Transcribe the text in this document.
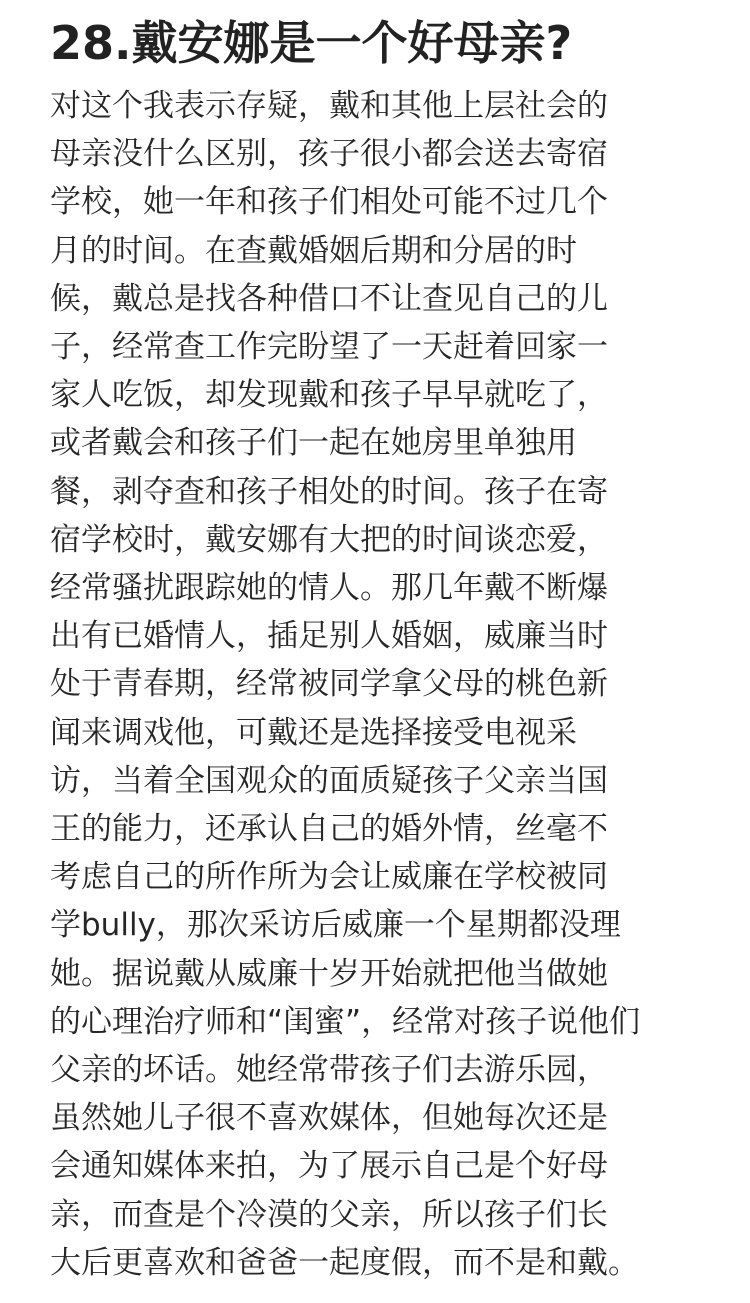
28.戴安娜是一个好母亲?
对这个我表示存疑，戴和其他上层社会的
母亲没什么区别，孩子很小都会送去寄宿
学校，她一年和孩子们相处可能不过几个
月的时间。在查戴婚姻后期和分居的时
候，戴总是找各种借口不让查见自己的儿
子，经常查工作完盼望了一天赶着回家一
家人吃饭，却发现戴和孩子早早就吃了，
或者戴会和孩子们一起在她房里单独用
餐，剥夺查和孩子相处的时间。孩子在寄
宿学校时，戴安娜有大把的时间谈恋爱，
经常骚扰跟踪她的情人。那几年戴不断爆
出有已婚情人，插足别人婚姻，威廉当时
处于青春期，经常被同学拿父母的桃色新
闻来调戏他，可戴还是选择接受电视采
访，当着全国观众的面质疑孩子父亲当国
王的能力，还承认自己的婚外情，丝毫不
考虑自己的所作所为会让威廉在学校被同
学bully，那次采访后威廉一个星期都没理
她。据说戴从威廉十岁开始就把他当做她
的心理治疗师和“闺蜜”，经常对孩子说他们
父亲的坏话。她经常带孩子们去游乐园，
虽然她儿子很不喜欢媒体，但她每次还是
会通知媒体来拍，为了展示自己是个好母
亲，而查是个冷漠的父亲，所以孩子们长
大后更喜欢和爸爸一起度假，而不是和戴。
